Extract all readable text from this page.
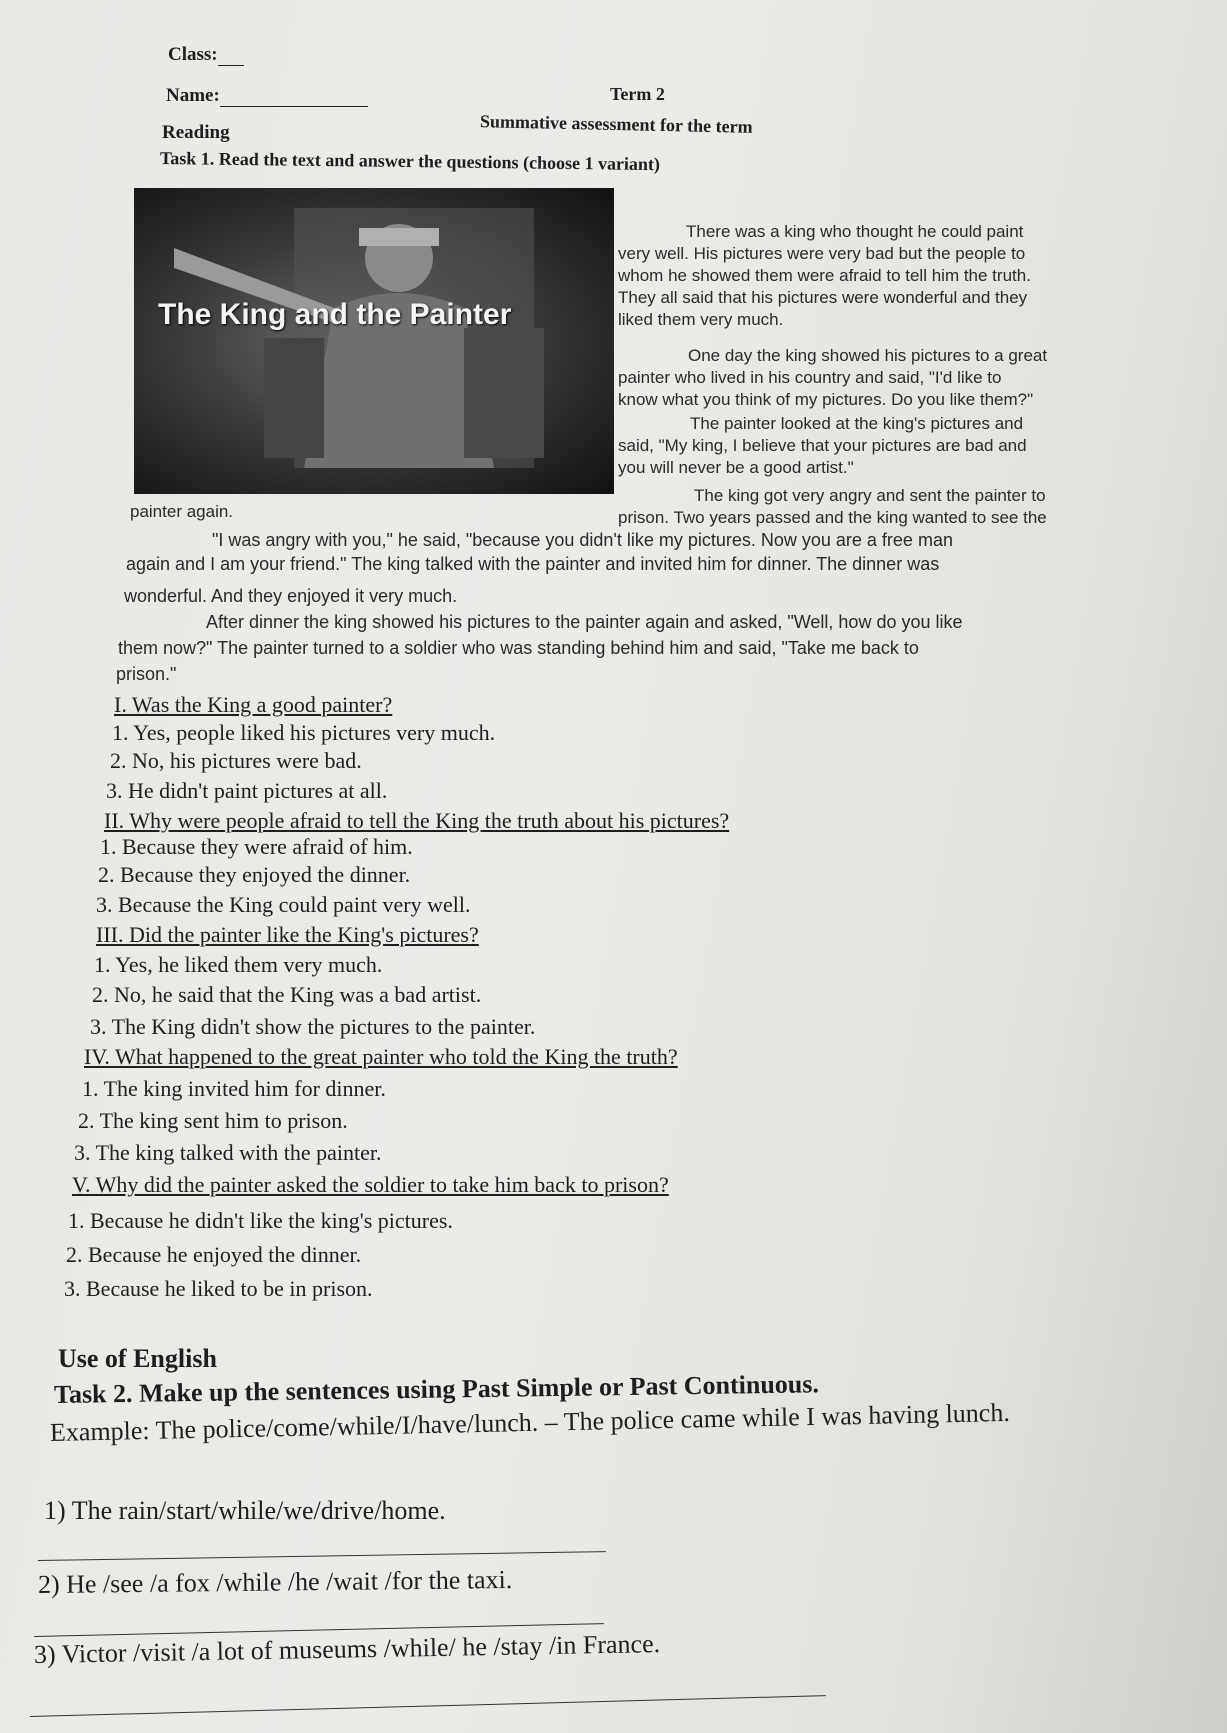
Class:
Name:	Term 2
Summative assessment for the term
Reading
Task 1. Read the text and answer the questions (choose 1 variant)
The King and the Painter
There was a king who thought he could paint
very well. His pictures were very bad but the people to
whom he showed them were afraid to tell him the truth.
They all said that his pictures were wonderful and they
liked them very much.
One day the king showed his pictures to a great
painter who lived in his country and said, "I'd like to
know what you think of my pictures. Do you like them?"
The painter looked at the king's pictures and
said, "My king, I believe that your pictures are bad and
you will never be a good artist."
The king got very angry and sent the painter to
prison. Two years passed and the king wanted to see the
painter again.
"I was angry with you," he said, "because you didn't like my pictures. Now you are a free man
again and I am your friend." The king talked with the painter and invited him for dinner. The dinner was
wonderful. And they enjoyed it very much.
After dinner the king showed his pictures to the painter again and asked, "Well, how do you like
them now?" The painter turned to a soldier who was standing behind him and said, "Take me back to
prison."
I. Was the King a good painter?
1. Yes, people liked his pictures very much.
2. No, his pictures were bad.
3. He didn't paint pictures at all.
II. Why were people afraid to tell the King the truth about his pictures?
1. Because they were afraid of him.
2. Because they enjoyed the dinner.
3. Because the King could paint very well.
III. Did the painter like the King's pictures?
1. Yes, he liked them very much.
2. No, he said that the King was a bad artist.
3. The King didn't show the pictures to the painter.
IV. What happened to the great painter who told the King the truth?
1. The king invited him for dinner.
2. The king sent him to prison.
3. The king talked with the painter.
V. Why did the painter asked the soldier to take him back to prison?
1. Because he didn't like the king's pictures.
2. Because he enjoyed the dinner.
3. Because he liked to be in prison.
Use of English
Task 2. Make up the sentences using Past Simple or Past Continuous.
Example: The police/come/while/I/have/lunch. – The police came while I was having lunch.
1) The rain/start/while/we/drive/home.
2) He /see /a fox /while /he /wait /for the taxi.
3) Victor /visit /a lot of museums /while/ he /stay /in France.
